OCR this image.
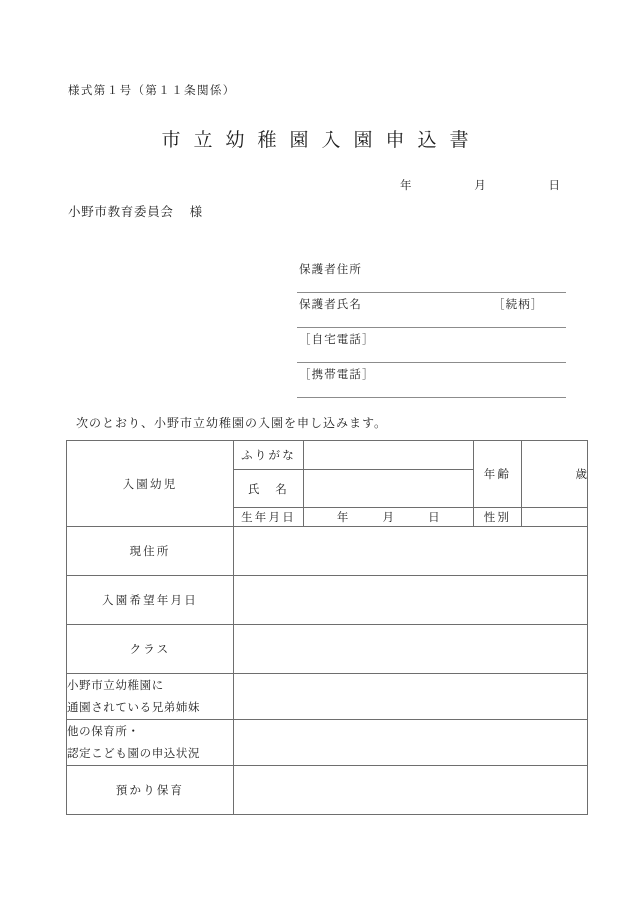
様式第１号（第１１条関係）
市立幼稚園入園申込書
年	月	日
小野市教育委員会 様
保護者住所
保護者氏名	［続柄］
［自宅電話］
［携帯電話］
次のとおり、小野市立幼稚園の入園を申し込みます。
入園幼児	ふりがな		年齢	歳
	氏　名			
	生年月日	年 月 日	性別	
現住所				
入園希望年月日				
クラス				

小野市立幼稚園に
通園されている兄弟姉妹				

他の保育所・
認定こども園の申込状況				

預かり保育				
